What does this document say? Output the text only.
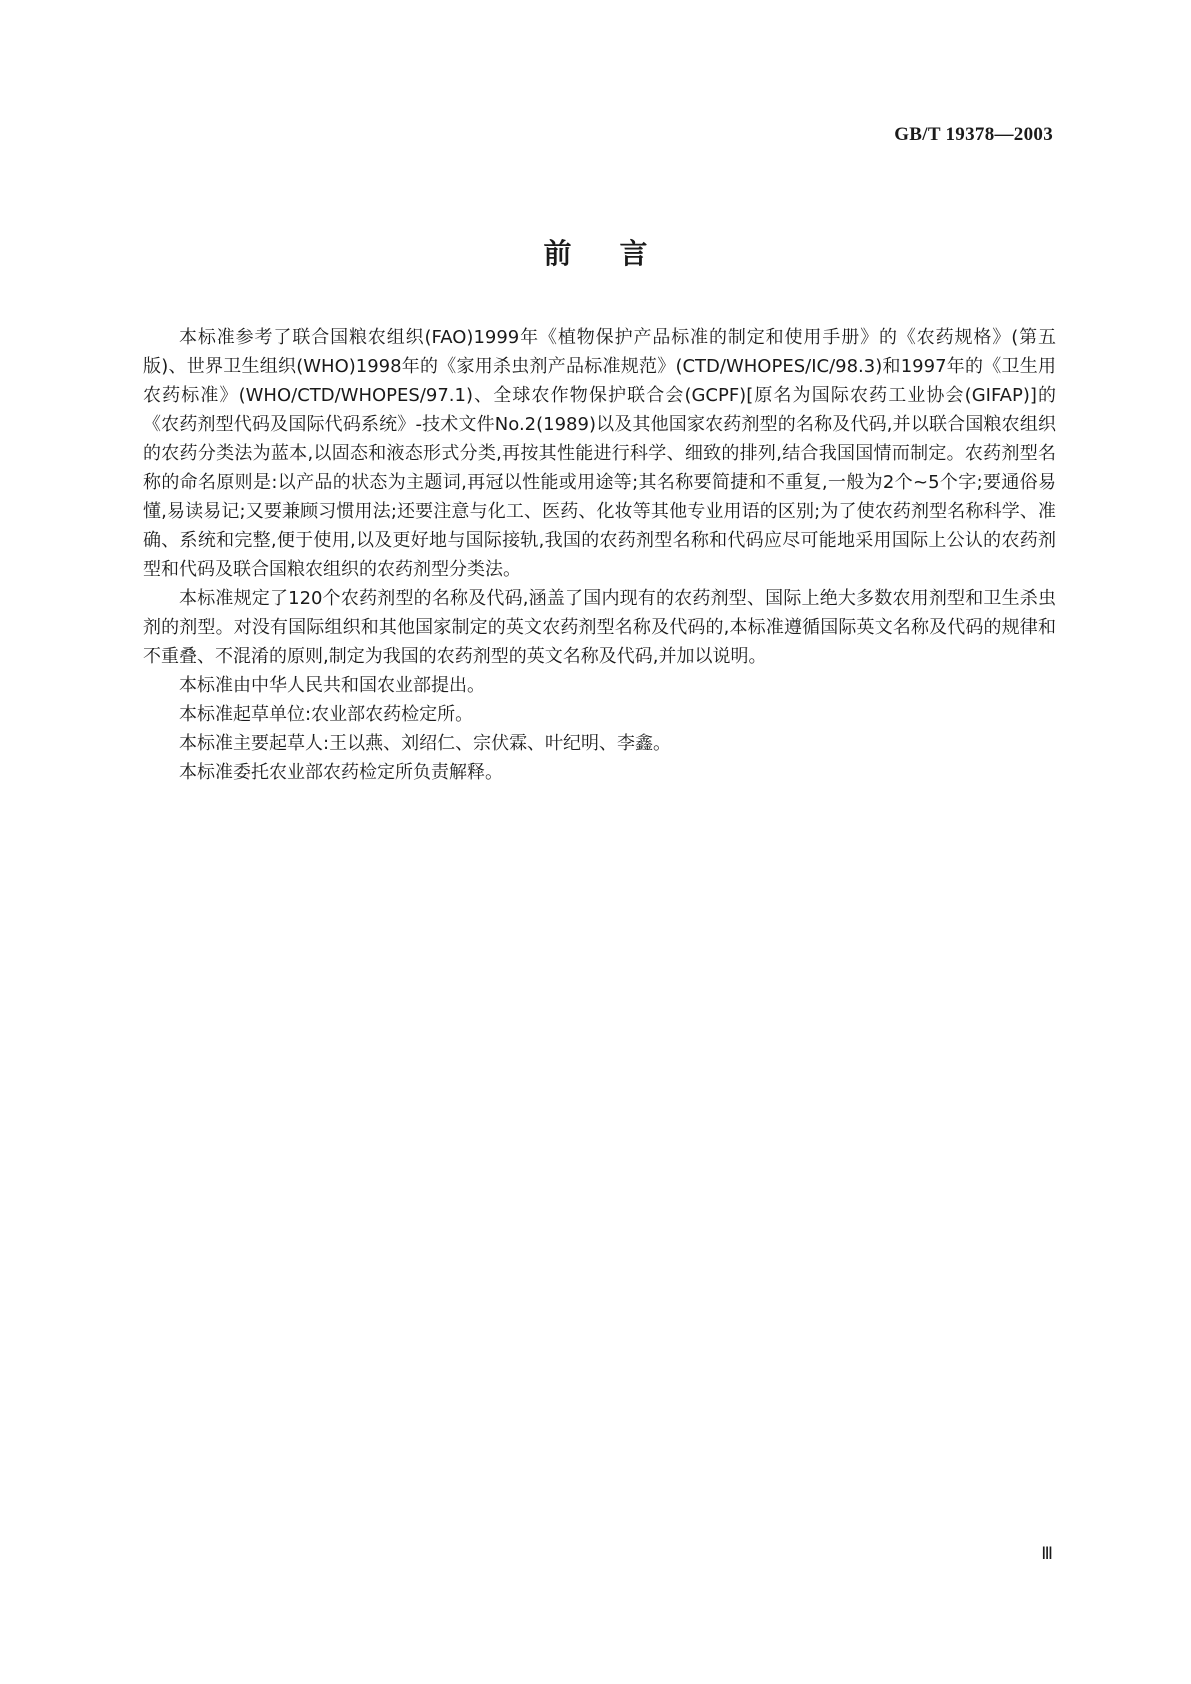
GB/T 19378—2003
前言

本标准参考了联合国粮农组织(FAO)1999年《植物保护产品标准的制定和使用手册》的《农药规格》(第五版)、世界卫生组织(WHO)1998年的《家用杀虫剂产品标准规范》(CTD/WHOPES/IC/98.3)和1997年的《卫生用农药标准》(WHO/CTD/WHOPES/97.1)、全球农作物保护联合会(GCPF)[原名为国际农药工业协会(GIFAP)]的《农药剂型代码及国际代码系统》-技术文件No.2(1989)以及其他国家农药剂型的名称及代码,并以联合国粮农组织的农药分类法为蓝本,以固态和液态形式分类,再按其性能进行科学、细致的排列,结合我国国情而制定。农药剂型名称的命名原则是:以产品的状态为主题词,再冠以性能或用途等;其名称要简捷和不重复,一般为2个~5个字;要通俗易懂,易读易记;又要兼顾习惯用法;还要注意与化工、医药、化妆等其他专业用语的区别;为了使农药剂型名称科学、准确、系统和完整,便于使用,以及更好地与国际接轨,我国的农药剂型名称和代码应尽可能地采用国际上公认的农药剂型和代码及联合国粮农组织的农药剂型分类法。

本标准规定了120个农药剂型的名称及代码,涵盖了国内现有的农药剂型、国际上绝大多数农用剂型和卫生杀虫剂的剂型。对没有国际组织和其他国家制定的英文农药剂型名称及代码的,本标准遵循国际英文名称及代码的规律和不重叠、不混淆的原则,制定为我国的农药剂型的英文名称及代码,并加以说明。

本标准由中华人民共和国农业部提出。

本标准起草单位:农业部农药检定所。

本标准主要起草人:王以燕、刘绍仁、宗伏霖、叶纪明、李鑫。

本标准委托农业部农药检定所负责解释。

Ⅲ
